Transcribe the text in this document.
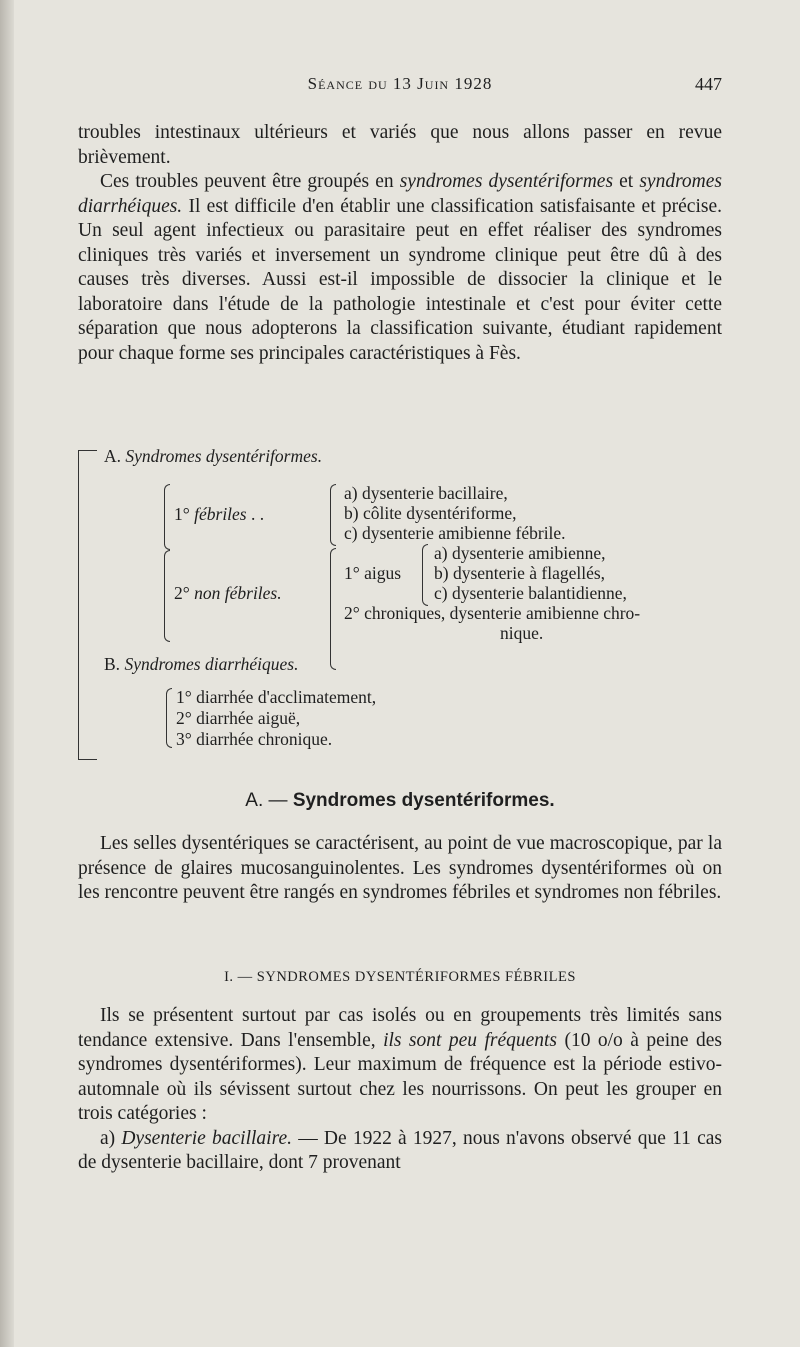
Séance du 13 Juin 1928	447

troubles intestinaux ultérieurs et variés que nous allons passer en revue brièvement.

Ces troubles peuvent être groupés en syndromes dysentériformes et syndromes diarrhéiques. Il est difficile d'en établir une classification satisfaisante et précise. Un seul agent infectieux ou parasitaire peut en effet réaliser des syndromes cliniques très variés et inversement un syndrome clinique peut être dû à des causes très diverses. Aussi est-il impossible de dissocier la clinique et le laboratoire dans l'étude de la pathologie intestinale et c'est pour éviter cette séparation que nous adopterons la classification suivante, étudiant rapidement pour chaque forme ses principales caractéristiques à Fès.

A. Syndromes dysentériformes.
1° fébriles . .
a) dysenterie bacillaire,
b) côlite dysentériforme,
c) dysenterie amibienne fébrile.
2° non fébriles.
1° aigus
a) dysenterie amibienne,
b) dysenterie à flagellés,
c) dysenterie balantidienne,
2° chroniques, dysenterie amibienne chro-
nique.
B. Syndromes diarrhéiques.
1° diarrhée d'acclimatement,
2° diarrhée aiguë,
3° diarrhée chronique.
A. — Syndromes dysentériformes.

Les selles dysentériques se caractérisent, au point de vue macroscopique, par la présence de glaires mucosanguinolentes. Les syndromes dysentériformes où on les rencontre peuvent être rangés en syndromes fébriles et syndromes non fébriles.

I. — SYNDROMES DYSENTÉRIFORMES FÉBRILES

Ils se présentent surtout par cas isolés ou en groupements très limités sans tendance extensive. Dans l'ensemble, ils sont peu fréquents (10 o/o à peine des syndromes dysentériformes). Leur maximum de fréquence est la période estivo-automnale où ils sévissent surtout chez les nourrissons. On peut les grouper en trois catégories :

a) Dysenterie bacillaire. — De 1922 à 1927, nous n'avons observé que 11 cas de dysenterie bacillaire, dont 7 provenant
